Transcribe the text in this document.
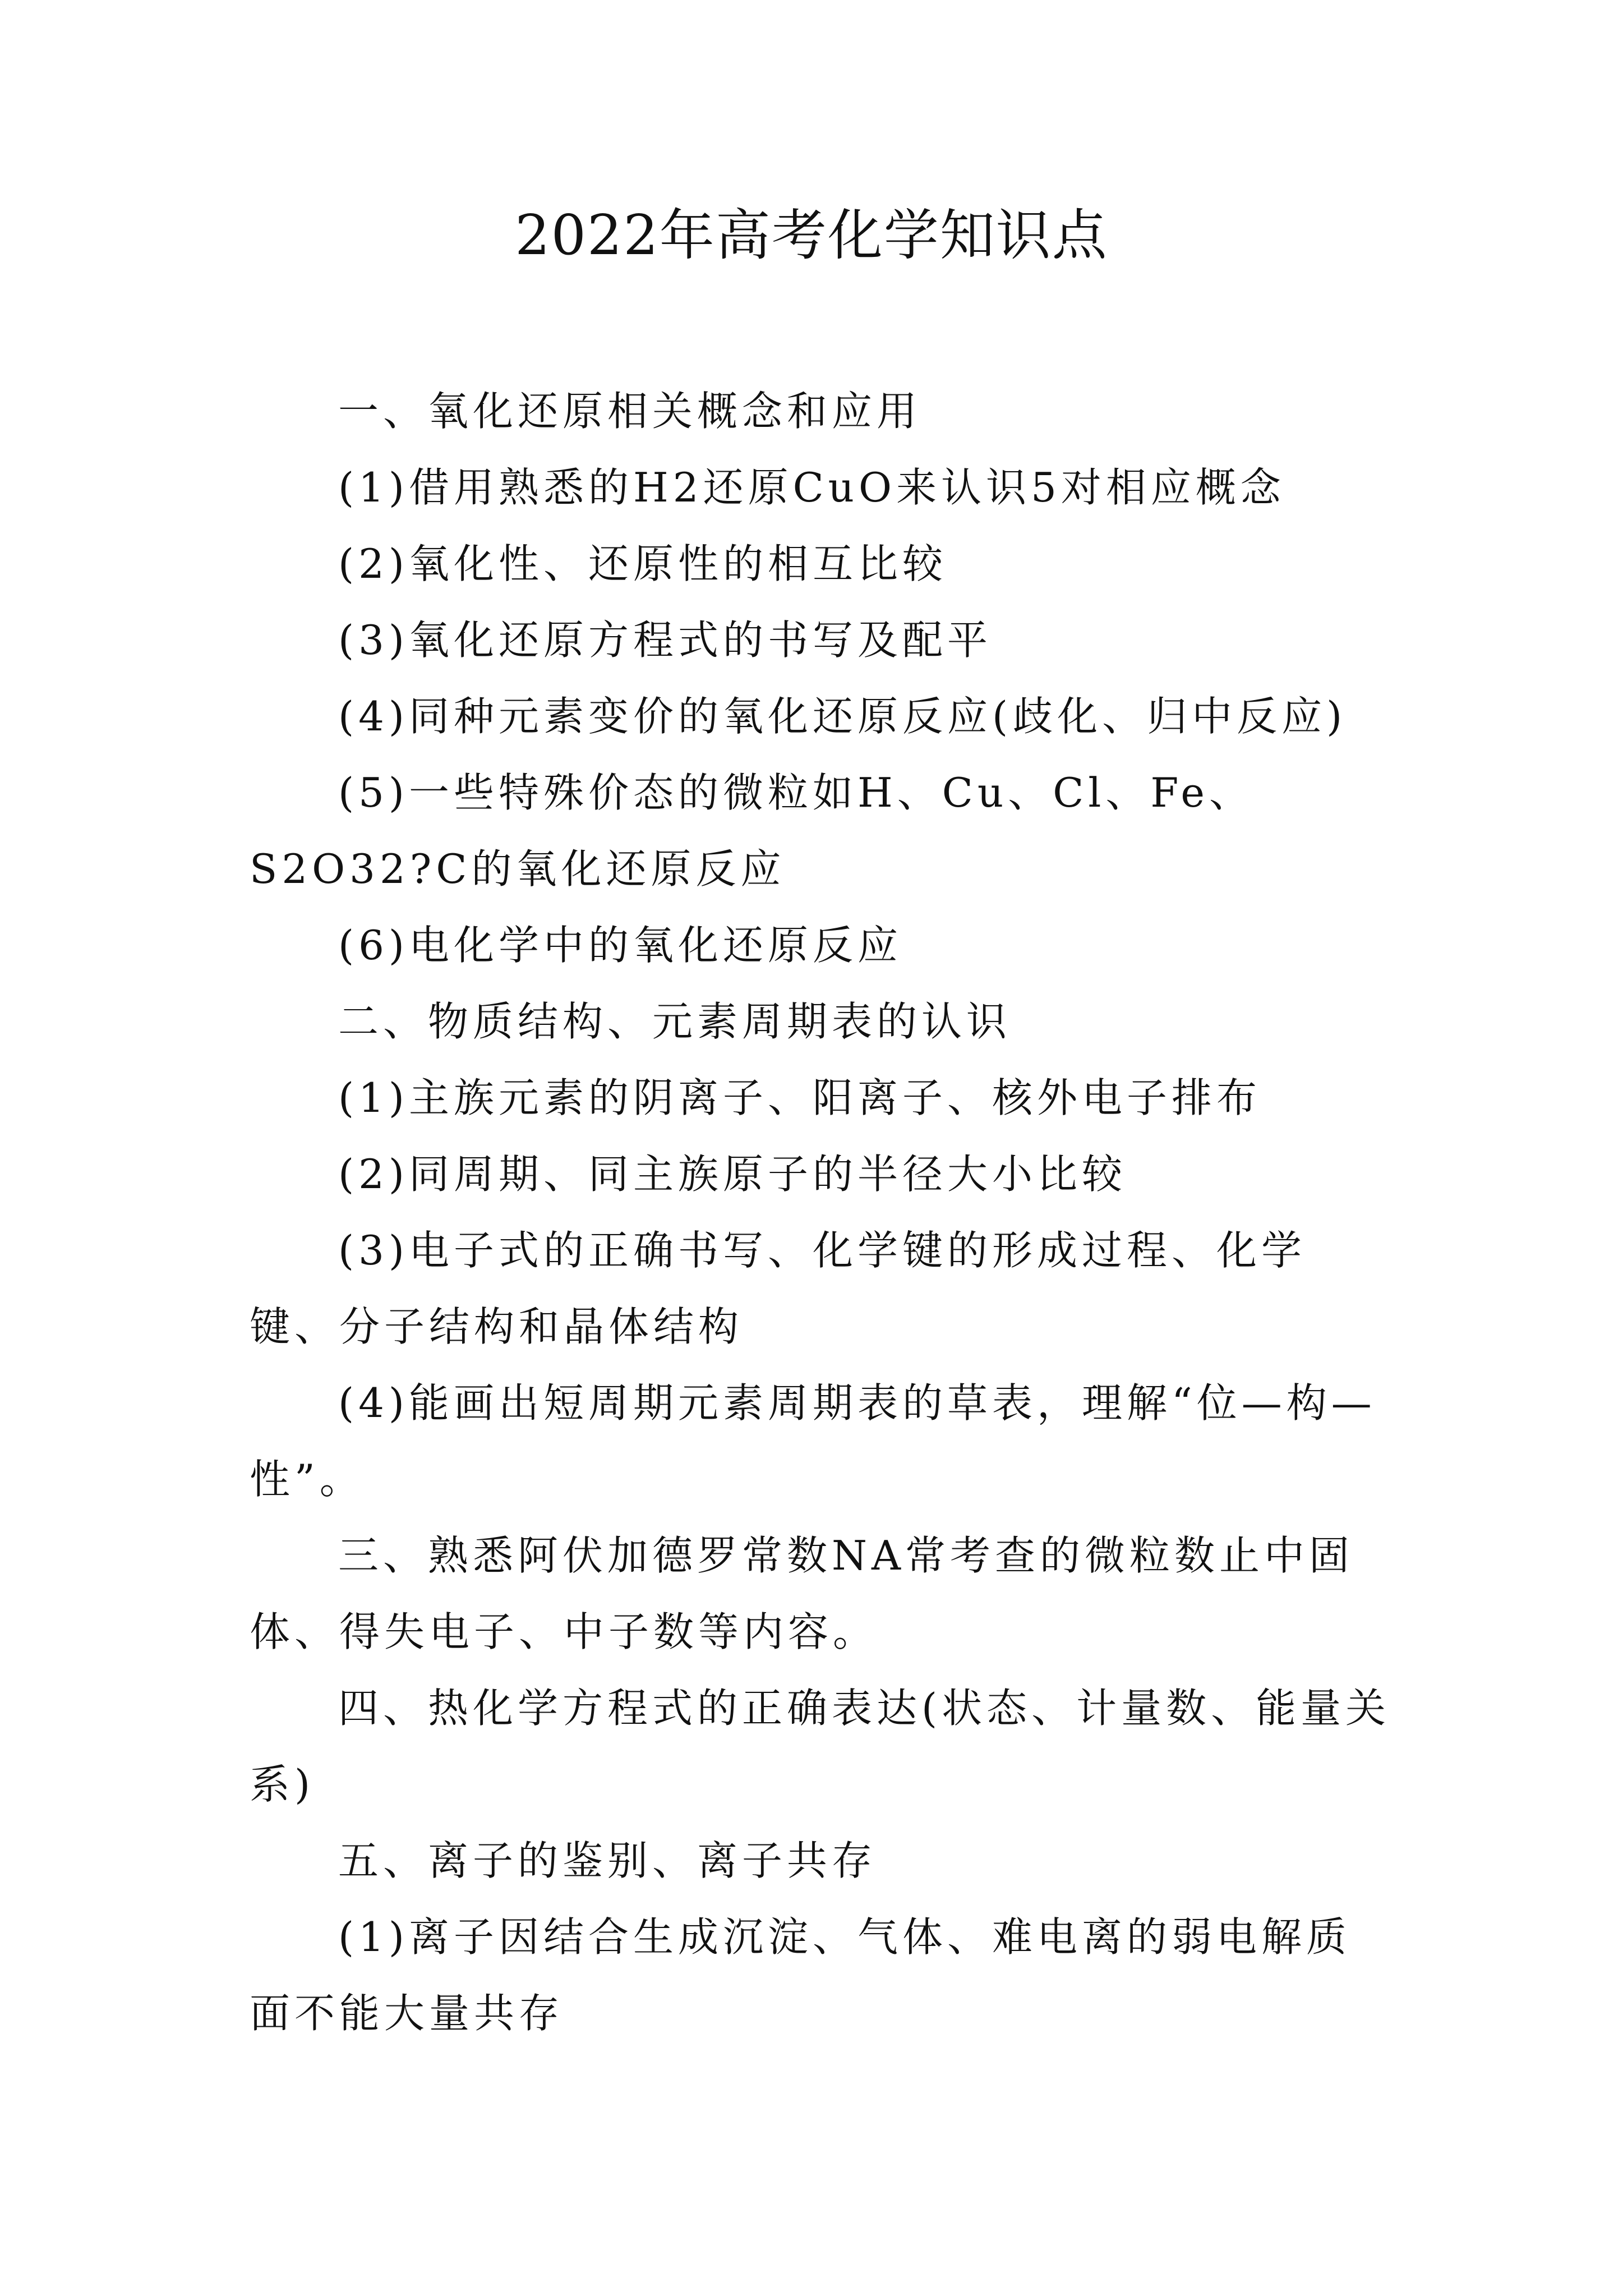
2022年高考化学知识点

一、氧化还原相关概念和应用

(1)借用熟悉的H2还原CuO来认识5对相应概念

(2)氧化性、还原性的相互比较

(3)氧化还原方程式的书写及配平

(4)同种元素变价的氧化还原反应(歧化、归中反应)

(5)一些特殊价态的微粒如H、Cu、Cl、Fe、S2O32?C的氧化还原反应

(6)电化学中的氧化还原反应

二、物质结构、元素周期表的认识

(1)主族元素的阴离子、阳离子、核外电子排布

(2)同周期、同主族原子的半径大小比较

(3)电子式的正确书写、化学键的形成过程、化学键、分子结构和晶体结构

(4)能画出短周期元素周期表的草表，理解“位—构—性”。

三、熟悉阿伏加德罗常数NA常考查的微粒数止中固体、得失电子、中子数等内容。

四、热化学方程式的正确表达(状态、计量数、能量关系)

五、离子的鉴别、离子共存

(1)离子因结合生成沉淀、气体、难电离的弱电解质面不能大量共存
